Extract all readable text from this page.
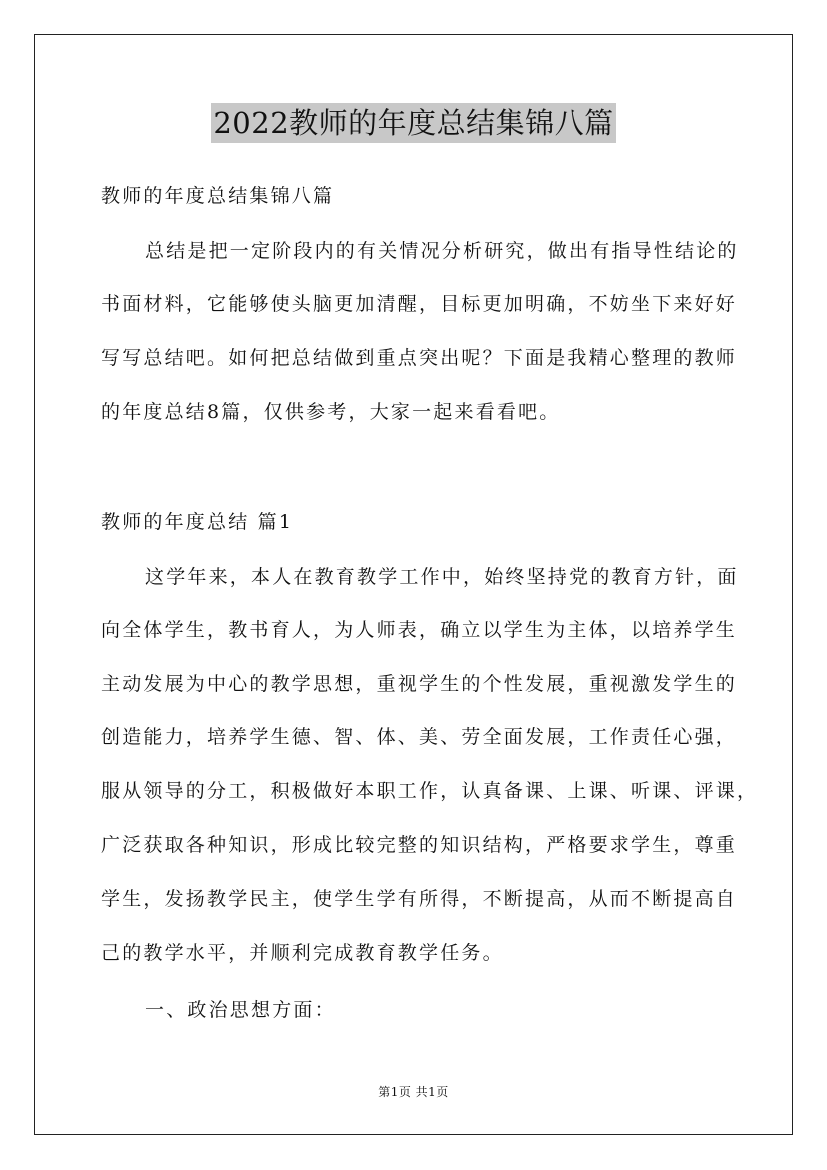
2022教师的年度总结集锦八篇
教师的年度总结集锦八篇
总结是把一定阶段内的有关情况分析研究，做出有指导性结论的
书面材料，它能够使头脑更加清醒，目标更加明确，不妨坐下来好好
写写总结吧。如何把总结做到重点突出呢？下面是我精心整理的教师
的年度总结8篇，仅供参考，大家一起来看看吧。
教师的年度总结 篇1
这学年来，本人在教育教学工作中，始终坚持党的教育方针，面
向全体学生，教书育人，为人师表，确立以学生为主体，以培养学生
主动发展为中心的教学思想，重视学生的个性发展，重视激发学生的
创造能力，培养学生德、智、体、美、劳全面发展，工作责任心强，
服从领导的分工，积极做好本职工作，认真备课、上课、听课、评课，
广泛获取各种知识，形成比较完整的知识结构，严格要求学生，尊重
学生，发扬教学民主，使学生学有所得，不断提高，从而不断提高自
己的教学水平，并顺利完成教育教学任务。
一、政治思想方面：
第1页 共1页
